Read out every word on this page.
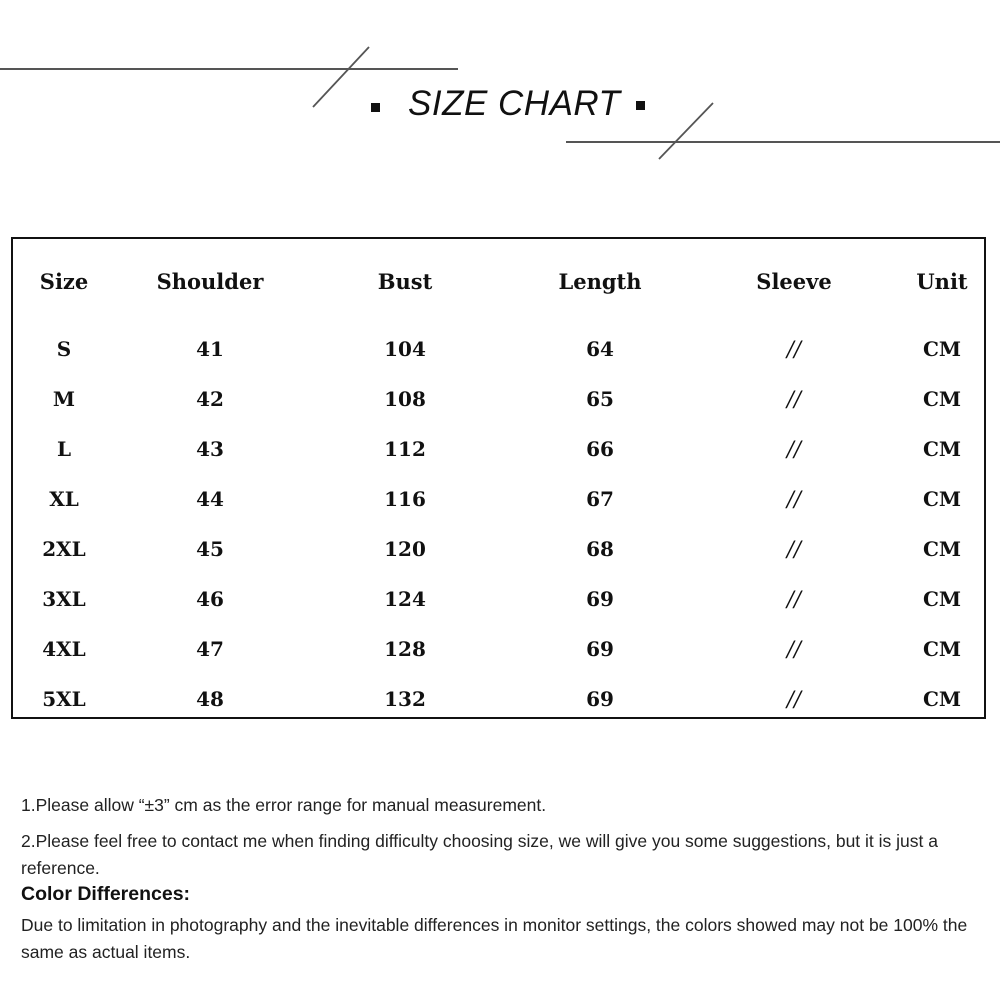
SIZE CHART
Size	Shoulder	Bust	Length	Sleeve	Unit
S	41	104	64	//	CM
M	42	108	65	//	CM
L	43	112	66	//	CM
XL	44	116	67	//	CM
2XL	45	120	68	//	CM
3XL	46	124	69	//	CM
4XL	47	128	69	//	CM
5XL	48	132	69	//	CM

1.Please allow “±3” cm as the error range for manual measurement.

2.Please feel free to contact me when finding difficulty choosing size, we will give you some suggestions, but it is just a reference.

Color Differences:

Due to limitation in photography and the inevitable differences in monitor settings, the colors showed may not be 100% the same as actual items.
